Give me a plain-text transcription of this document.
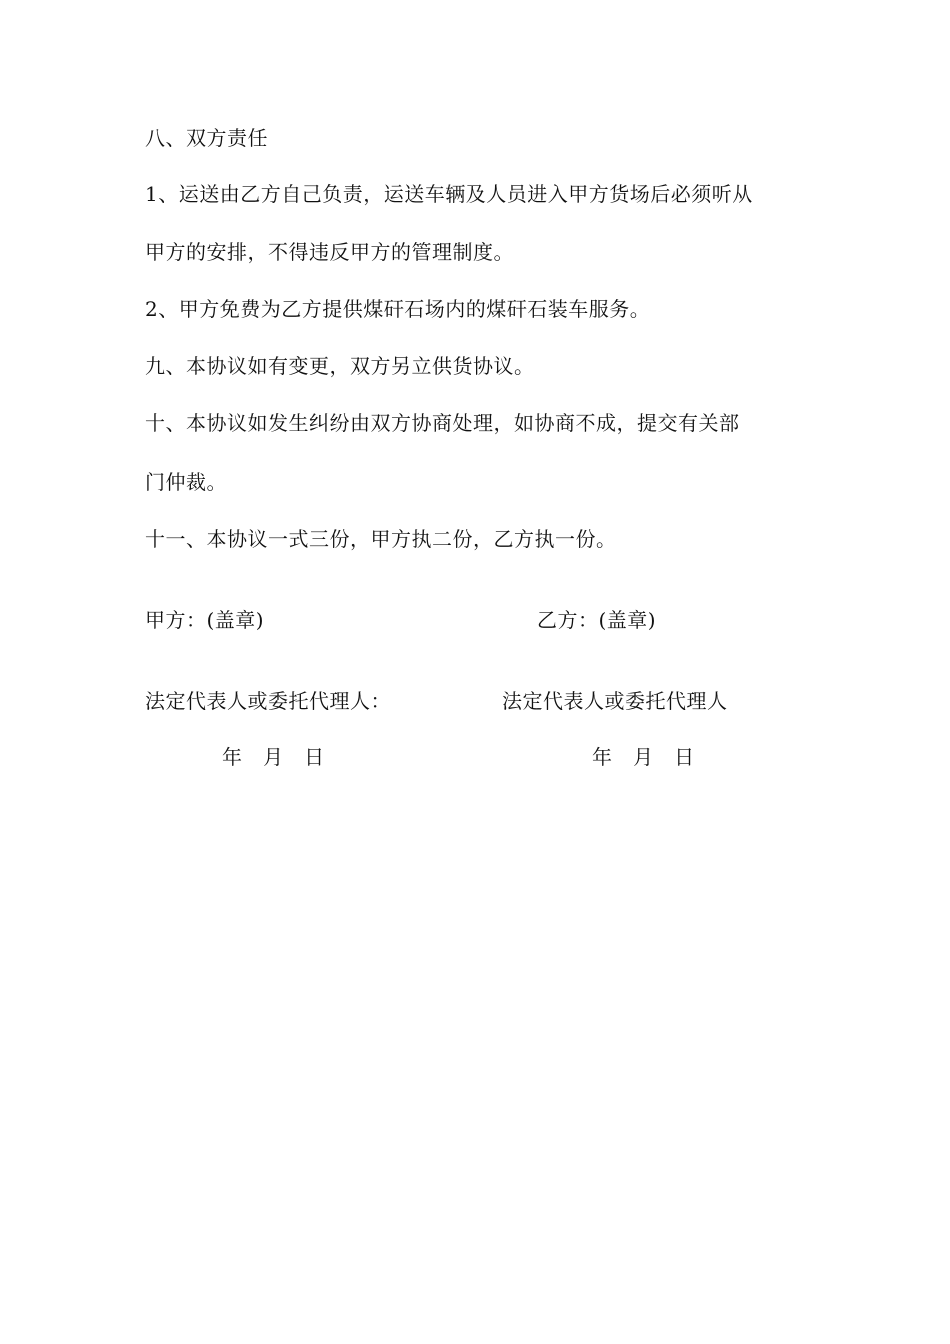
八、双方责任
1、运送由乙方自己负责，运送车辆及人员进入甲方货场后必须听从
甲方的安排，不得违反甲方的管理制度。
2、甲方免费为乙方提供煤矸石场内的煤矸石装车服务。
九、本协议如有变更，双方另立供货协议。
十、本协议如发生纠纷由双方协商处理，如协商不成，提交有关部
门仲裁。
十一、本协议一式三份，甲方执二份，乙方执一份。
甲方：(盖章)	乙方：(盖章)
法定代表人或委托代理人：	法定代表人或委托代理人
年   月   日	年   月   日
